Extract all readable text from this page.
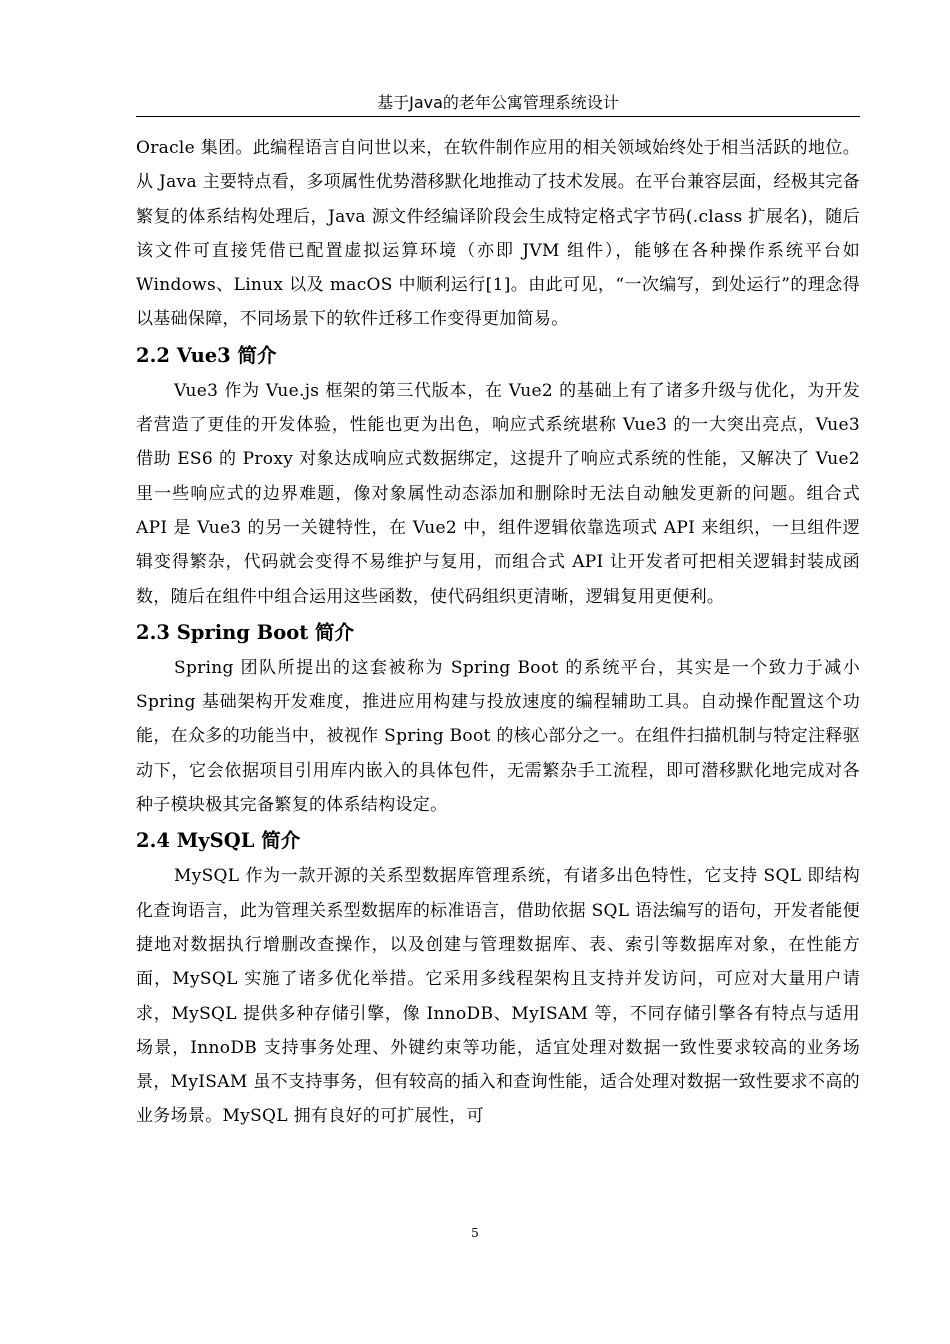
基于Java的老年公寓管理系统设计

Oracle 集团。此编程语言自问世以来，在软件制作应用的相关领域始终处于相当活跃的地位。从 Java 主要特点看，多项属性优势潜移默化地推动了技术发展。在平台兼容层面，经极其完备繁复的体系结构处理后，Java 源文件经编译阶段会生成特定格式字节码(.class 扩展名)，随后该文件可直接凭借已配置虚拟运算环境（亦即 JVM 组件），能够在各种操作系统平台如 Windows、Linux 以及 macOS 中顺利运行[1]。由此可见，“一次编写，到处运行”的理念得以基础保障，不同场景下的软件迁移工作变得更加简易。

2.2 Vue3 简介

Vue3 作为 Vue.js 框架的第三代版本，在 Vue2 的基础上有了诸多升级与优化，为开发者营造了更佳的开发体验，性能也更为出色，响应式系统堪称 Vue3 的一大突出亮点，Vue3 借助 ES6 的 Proxy 对象达成响应式数据绑定，这提升了响应式系统的性能，又解决了 Vue2 里一些响应式的边界难题，像对象属性动态添加和删除时无法自动触发更新的问题。组合式 API 是 Vue3 的另一关键特性，在 Vue2 中，组件逻辑依靠选项式 API 来组织，一旦组件逻辑变得繁杂，代码就会变得不易维护与复用，而组合式 API 让开发者可把相关逻辑封装成函数，随后在组件中组合运用这些函数，使代码组织更清晰，逻辑复用更便利。

2.3 Spring Boot 简介

Spring 团队所提出的这套被称为 Spring Boot 的系统平台，其实是一个致力于减小 Spring 基础架构开发难度，推进应用构建与投放速度的编程辅助工具。自动操作配置这个功能，在众多的功能当中，被视作 Spring Boot 的核心部分之一。在组件扫描机制与特定注释驱动下，它会依据项目引用库内嵌入的具体包件，无需繁杂手工流程，即可潜移默化地完成对各种子模块极其完备繁复的体系结构设定。

2.4 MySQL 简介

MySQL 作为一款开源的关系型数据库管理系统，有诸多出色特性，它支持 SQL 即结构化查询语言，此为管理关系型数据库的标准语言，借助依据 SQL 语法编写的语句，开发者能便捷地对数据执行增删改查操作，以及创建与管理数据库、表、索引等数据库对象，在性能方面，MySQL 实施了诸多优化举措。它采用多线程架构且支持并发访问，可应对大量用户请求，MySQL 提供多种存储引擎，像 InnoDB、MyISAM 等，不同存储引擎各有特点与适用场景，InnoDB 支持事务处理、外键约束等功能，适宜处理对数据一致性要求较高的业务场景，MyISAM 虽不支持事务，但有较高的插入和查询性能，适合处理对数据一致性要求不高的业务场景。MySQL 拥有良好的可扩展性，可

5
